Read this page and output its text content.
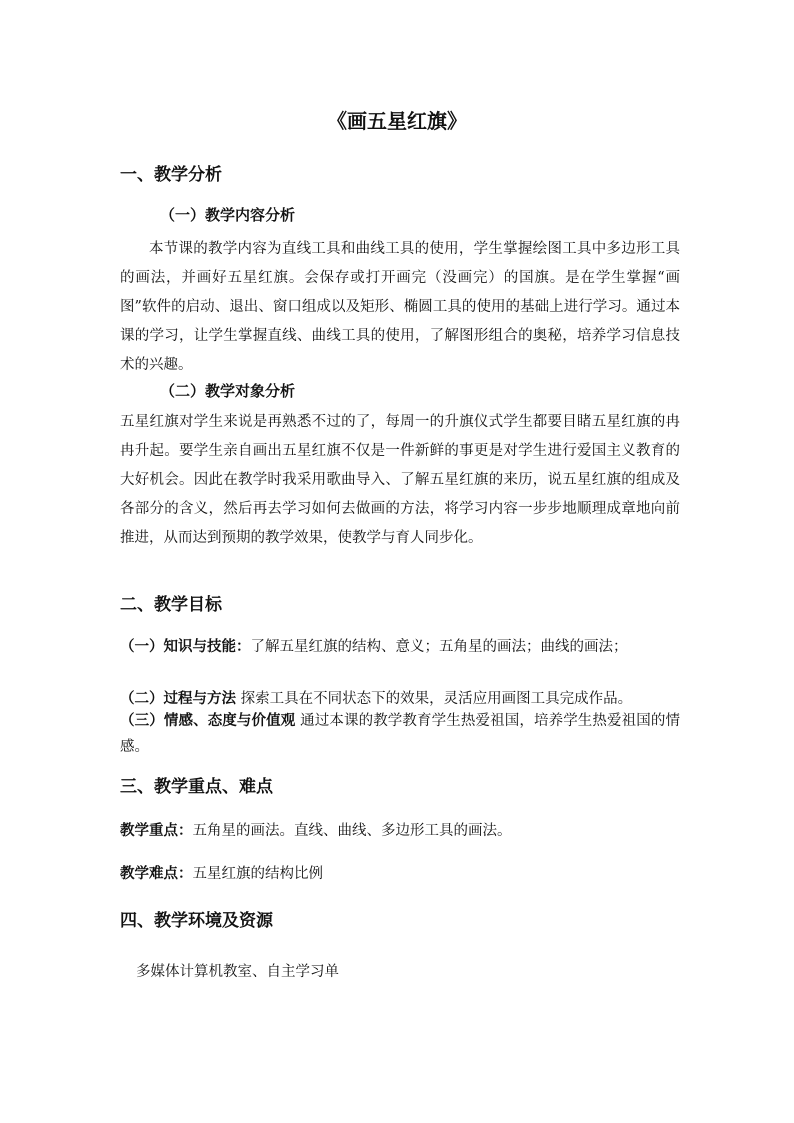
《画五星红旗》
一、教学分析
（一）教学内容分析
本节课的教学内容为直线工具和曲线工具的使用，学生掌握绘图工具中多边形工具的画法，并画好五星红旗。会保存或打开画完（没画完）的国旗。是在学生掌握“画图”软件的启动、退出、窗口组成以及矩形、椭圆工具的使用的基础上进行学习。通过本课的学习，让学生掌握直线、曲线工具的使用，了解图形组合的奥秘，培养学习信息技术的兴趣。
（二）教学对象分析
五星红旗对学生来说是再熟悉不过的了，每周一的升旗仪式学生都要目睹五星红旗的冉冉升起。要学生亲自画出五星红旗不仅是一件新鲜的事更是对学生进行爱国主义教育的大好机会。因此在教学时我采用歌曲导入、了解五星红旗的来历，说五星红旗的组成及各部分的含义，然后再去学习如何去做画的方法，将学习内容一步步地顺理成章地向前推进，从而达到预期的教学效果，使教学与育人同步化。
二、教学目标
（一）知识与技能：了解五星红旗的结构、意义；五角星的画法；曲线的画法；
（二）过程与方法 探索工具在不同状态下的效果，灵活应用画图工具完成作品。
（三）情感、态度与价值观 通过本课的教学教育学生热爱祖国，培养学生热爱祖国的情感。
三、教学重点、难点
教学重点：五角星的画法。直线、曲线、多边形工具的画法。
教学难点：五星红旗的结构比例
四、教学环境及资源
多媒体计算机教室、自主学习单
